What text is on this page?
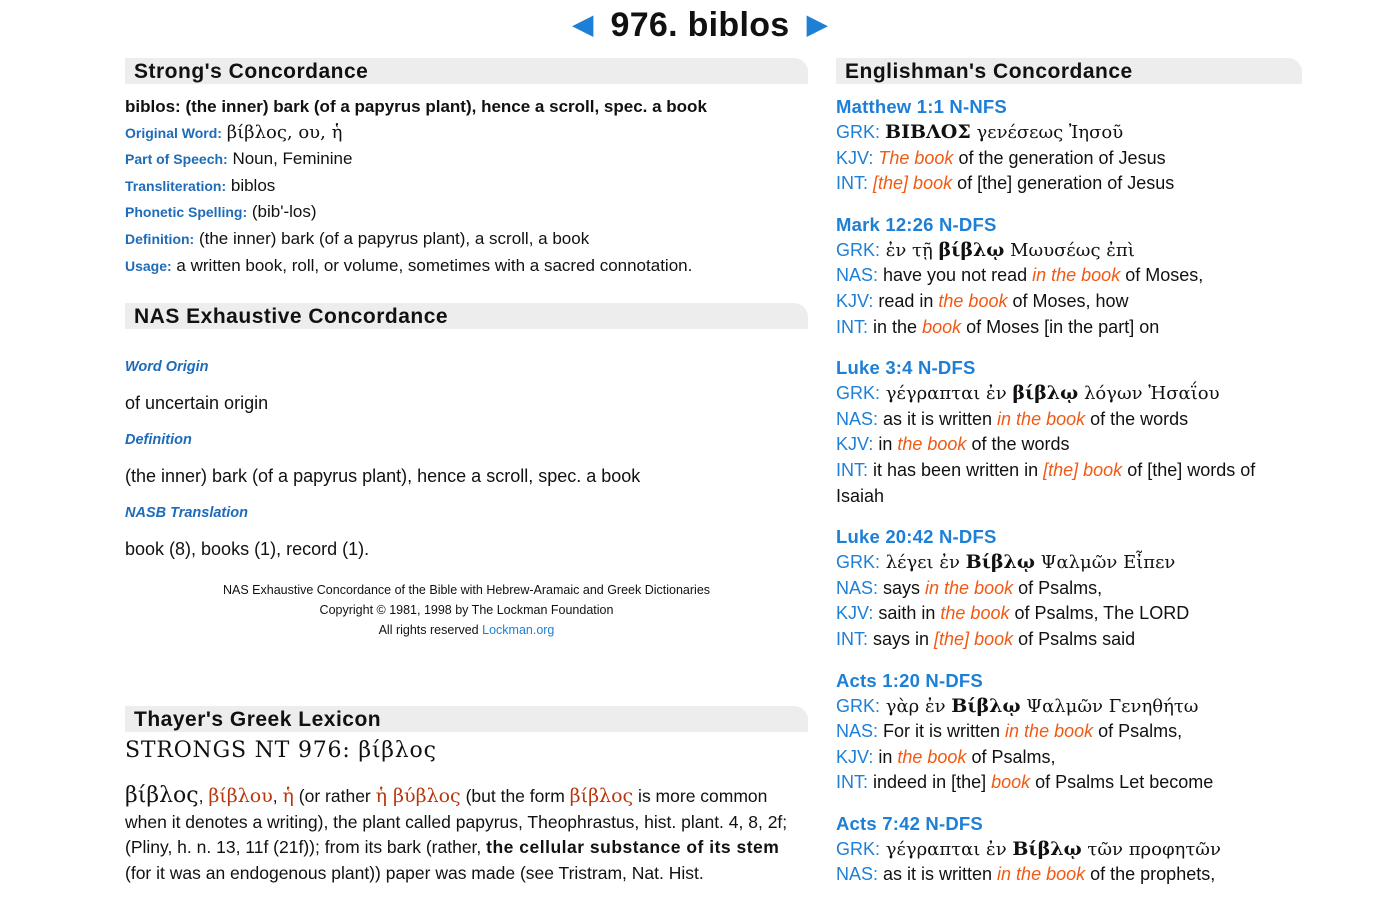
◀ 976. biblos ▶
Strong's Concordance
biblos: (the inner) bark (of a papyrus plant), hence a scroll, spec. a book
Original Word: βίβλος, ου, ἡ
Part of Speech: Noun, Feminine
Transliteration: biblos
Phonetic Spelling: (bib'-los)
Definition: (the inner) bark (of a papyrus plant), a scroll, a book
Usage: a written book, roll, or volume, sometimes with a sacred connotation.
NAS Exhaustive Concordance
Word Origin
of uncertain origin
Definition
(the inner) bark (of a papyrus plant), hence a scroll, spec. a book
NASB Translation
book (8), books (1), record (1).
NAS Exhaustive Concordance of the Bible with Hebrew-Aramaic and Greek Dictionaries
Copyright © 1981, 1998 by The Lockman Foundation
All rights reserved Lockman.org
Thayer's Greek Lexicon
STRONGS NT 976: βίβλος
βίβλος, βίβλου, ἡ (or rather ἡ βύβλος (but the form βίβλος is more common when it denotes a writing), the plant called papyrus, Theophrastus, hist. plant. 4, 8, 2f; (Pliny, h. n. 13, 11f (21f)); from its bark (rather, the cellular substance of its stem (for it was an endogenous plant)) paper was made (see Tristram, Nat. Hist.
Englishman's Concordance
Matthew 1:1 N-NFS
GRK: ΒΙΒΛΟΣ γενέσεως Ἰησοῦ
KJV: The book of the generation of Jesus
INT: [the] book of [the] generation of Jesus
Mark 12:26 N-DFS
GRK: ἐν τῇ βίβλῳ Μωυσέως ἐπὶ
NAS: have you not read in the book of Moses,
KJV: read in the book of Moses, how
INT: in the book of Moses [in the part] on
Luke 3:4 N-DFS
GRK: γέγραπται ἐν βίβλῳ λόγων Ἠσαΐου
NAS: as it is written in the book of the words
KJV: in the book of the words
INT: it has been written in [the] book of [the] words of Isaiah
Luke 20:42 N-DFS
GRK: λέγει ἐν Βίβλῳ Ψαλμῶν Εἶπεν
NAS: says in the book of Psalms,
KJV: saith in the book of Psalms, The LORD
INT: says in [the] book of Psalms said
Acts 1:20 N-DFS
GRK: γὰρ ἐν Βίβλῳ Ψαλμῶν Γενηθήτω
NAS: For it is written in the book of Psalms,
KJV: in the book of Psalms,
INT: indeed in [the] book of Psalms Let become
Acts 7:42 N-DFS
GRK: γέγραπται ἐν Βίβλῳ τῶν προφητῶν
NAS: as it is written in the book of the prophets,
